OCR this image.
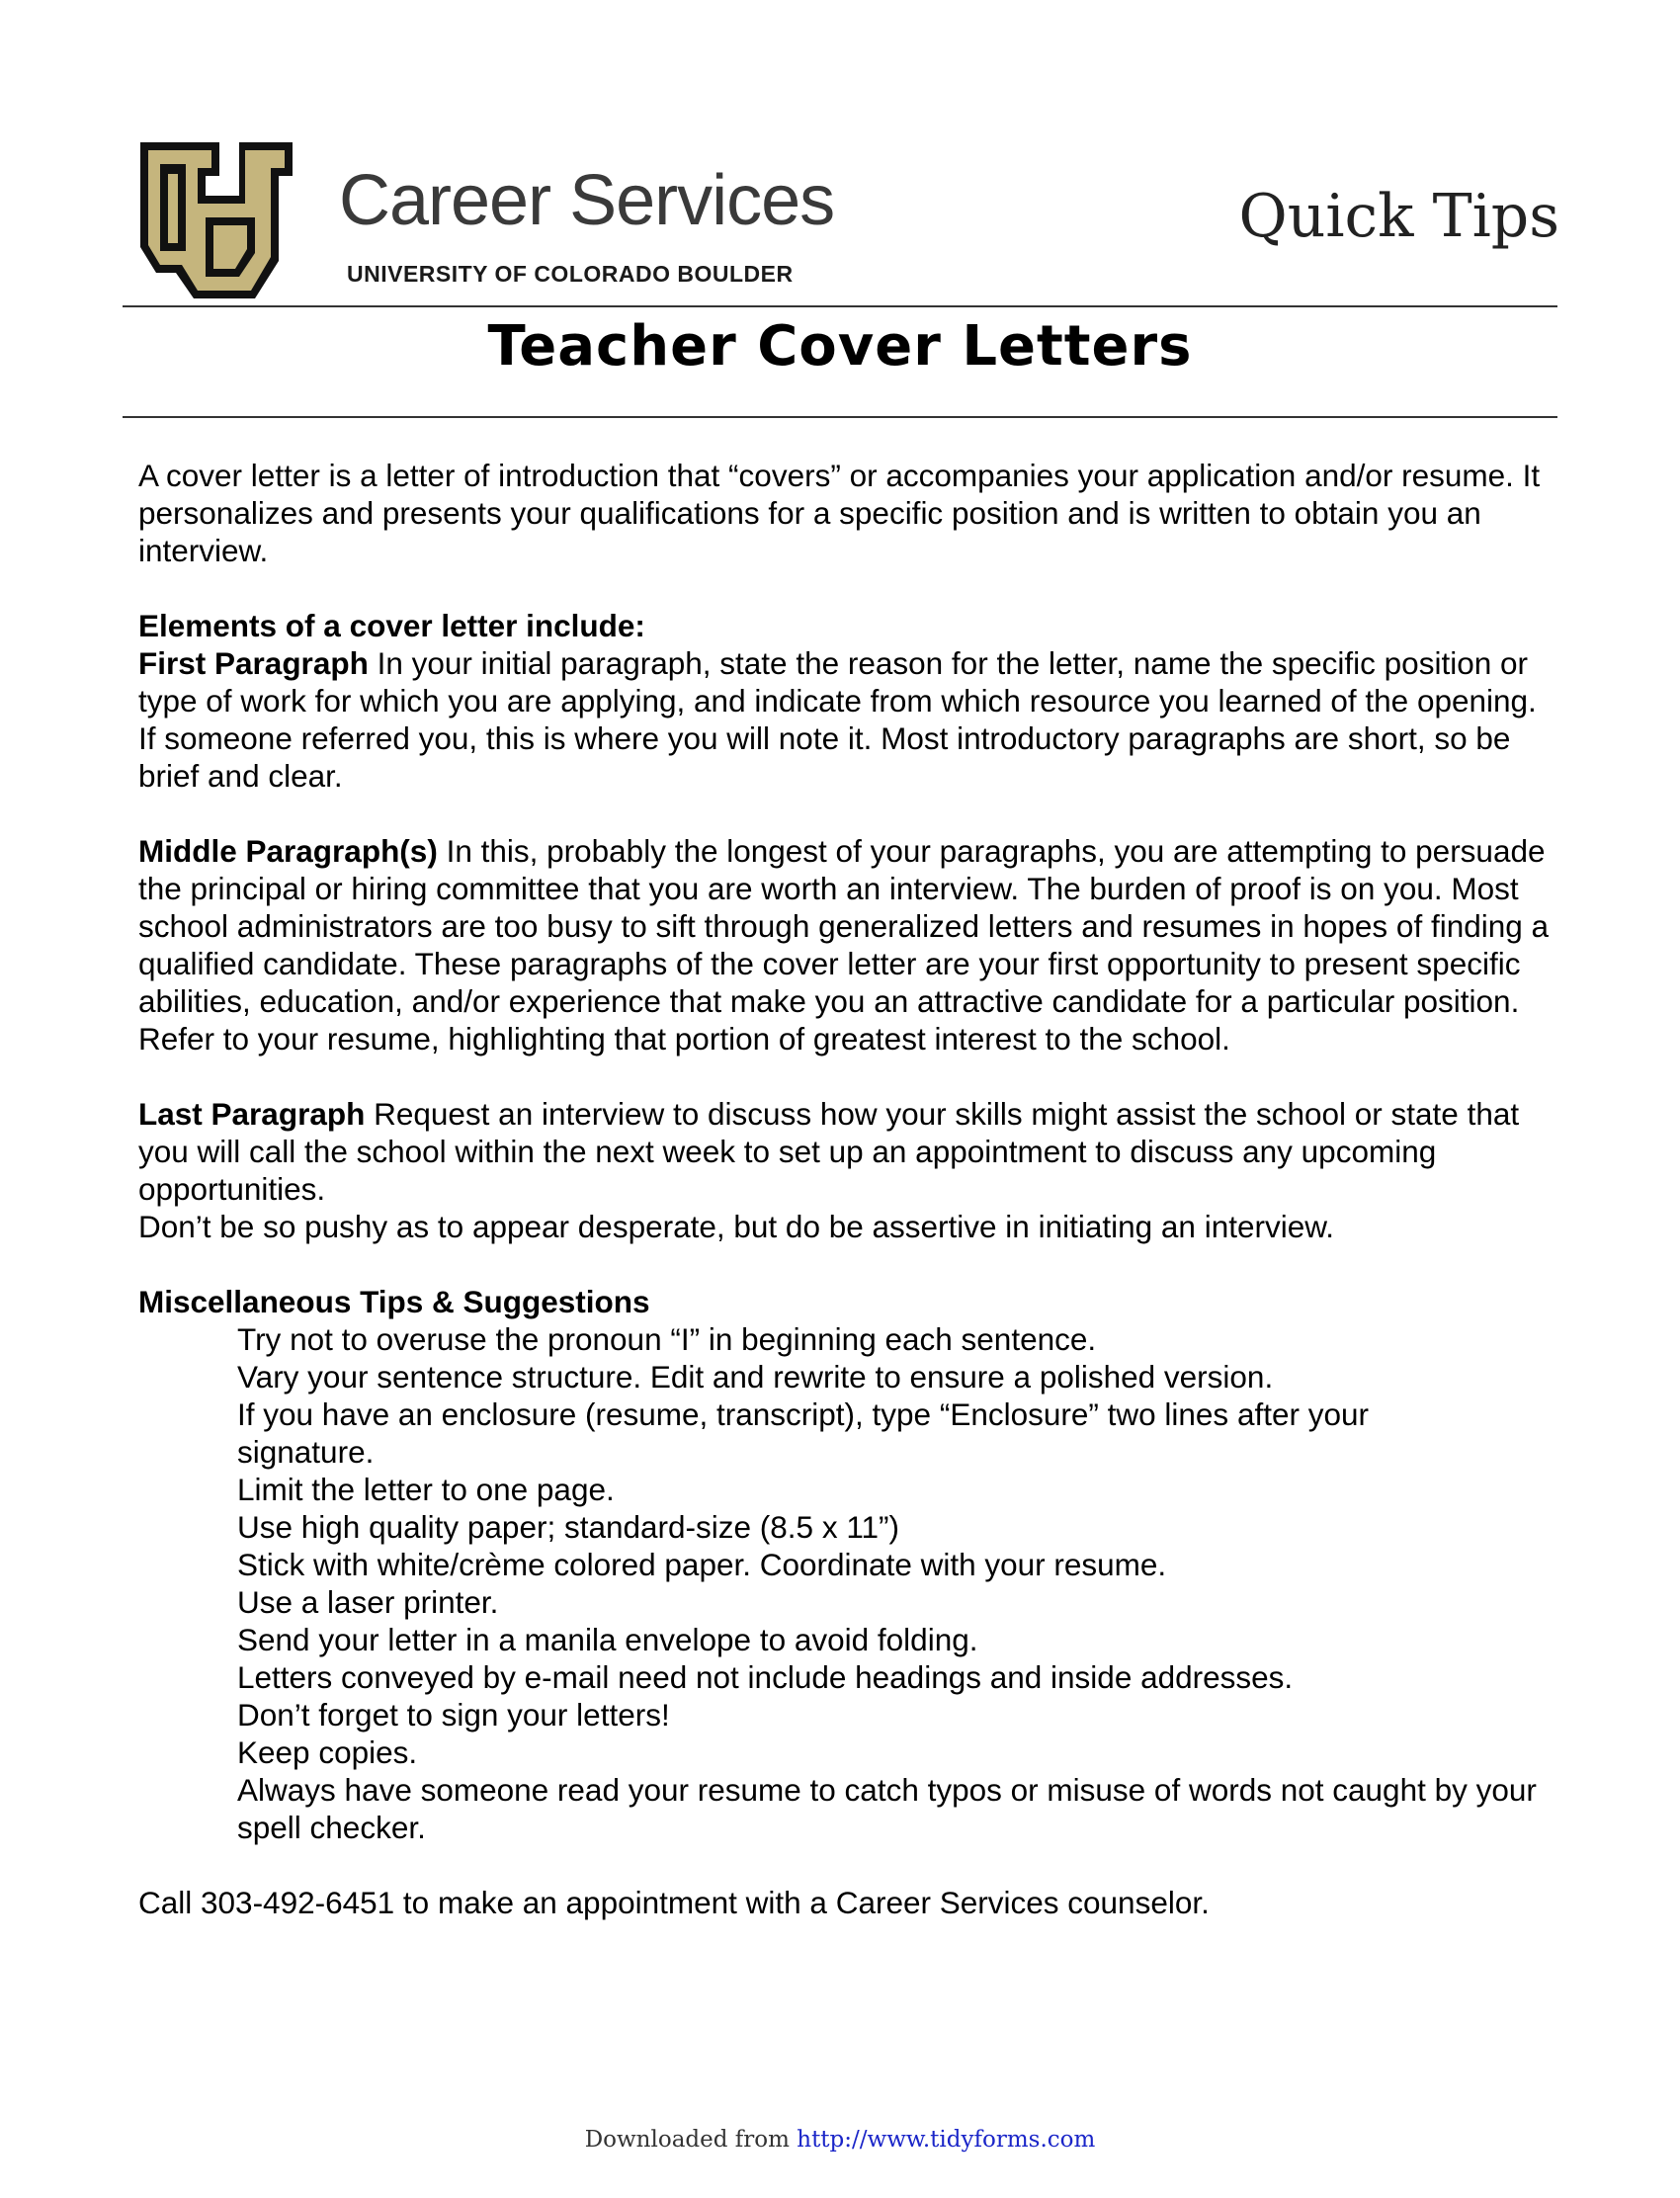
Career Services
UNIVERSITY OF COLORADO BOULDER
Quick Tips
Teacher Cover Letters

A cover letter is a letter of introduction that “covers” or accompanies your application and/or resume. It personalizes and presents your qualifications for a specific position and is written to obtain you an interview.

Elements of a cover letter include:

First Paragraph In your initial paragraph, state the reason for the letter, name the specific position or type of work for which you are applying, and indicate from which resource you learned of the opening.

If someone referred you, this is where you will note it. Most introductory paragraphs are short, so be brief and clear.

Middle Paragraph(s) In this, probably the longest of your paragraphs, you are attempting to persuade the principal or hiring committee that you are worth an interview. The burden of proof is on you. Most school administrators are too busy to sift through generalized letters and resumes in hopes of finding a qualified candidate. These paragraphs of the cover letter are your first opportunity to present specific abilities, education, and/or experience that make you an attractive candidate for a particular position.

Refer to your resume, highlighting that portion of greatest interest to the school.

Last Paragraph Request an interview to discuss how your skills might assist the school or state that you will call the school within the next week to set up an appointment to discuss any upcoming opportunities.

Don’t be so pushy as to appear desperate, but do be assertive in initiating an interview.

Miscellaneous Tips & Suggestions

Try not to overuse the pronoun “I” in beginning each sentence.
Vary your sentence structure. Edit and rewrite to ensure a polished version.
If you have an enclosure (resume, transcript), type “Enclosure” two lines after your signature.
Limit the letter to one page.
Use high quality paper; standard-size (8.5 x 11”)
Stick with white/crème colored paper. Coordinate with your resume.
Use a laser printer.
Send your letter in a manila envelope to avoid folding.
Letters conveyed by e-mail need not include headings and inside addresses.
Don’t forget to sign your letters!
Keep copies.
Always have someone read your resume to catch typos or misuse of words not caught by your spell checker.

Call 303-492-6451 to make an appointment with a Career Services counselor.

Downloaded from http://www.tidyforms.com
